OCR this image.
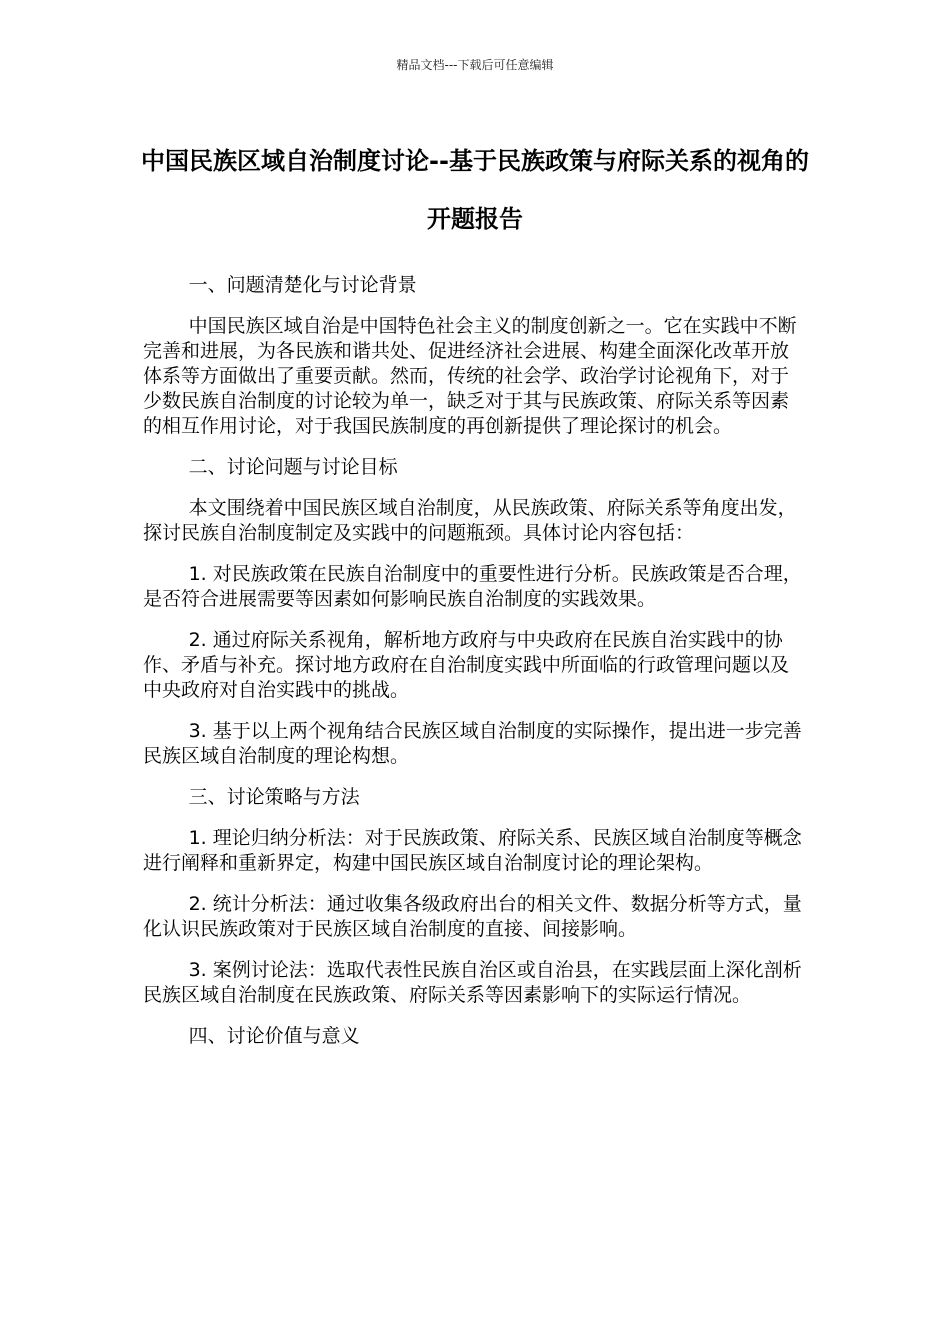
精品文档---下载后可任意编辑
中国民族区域自治制度讨论--基于民族政策与府际关系的视角的开题报告

一、问题清楚化与讨论背景

中国民族区域自治是中国特色社会主义的制度创新之一。它在实践中不断完善和进展，为各民族和谐共处、促进经济社会进展、构建全面深化改革开放体系等方面做出了重要贡献。然而，传统的社会学、政治学讨论视角下，对于少数民族自治制度的讨论较为单一，缺乏对于其与民族政策、府际关系等因素的相互作用讨论，对于我国民族制度的再创新提供了理论探讨的机会。

二、讨论问题与讨论目标

本文围绕着中国民族区域自治制度，从民族政策、府际关系等角度出发，探讨民族自治制度制定及实践中的问题瓶颈。具体讨论内容包括：

1. 对民族政策在民族自治制度中的重要性进行分析。民族政策是否合理，是否符合进展需要等因素如何影响民族自治制度的实践效果。

2. 通过府际关系视角，解析地方政府与中央政府在民族自治实践中的协作、矛盾与补充。探讨地方政府在自治制度实践中所面临的行政管理问题以及中央政府对自治实践中的挑战。

3. 基于以上两个视角结合民族区域自治制度的实际操作，提出进一步完善民族区域自治制度的理论构想。

三、讨论策略与方法

1. 理论归纳分析法：对于民族政策、府际关系、民族区域自治制度等概念进行阐释和重新界定，构建中国民族区域自治制度讨论的理论架构。

2. 统计分析法：通过收集各级政府出台的相关文件、数据分析等方式，量化认识民族政策对于民族区域自治制度的直接、间接影响。

3. 案例讨论法：选取代表性民族自治区或自治县，在实践层面上深化剖析民族区域自治制度在民族政策、府际关系等因素影响下的实际运行情况。

四、讨论价值与意义
